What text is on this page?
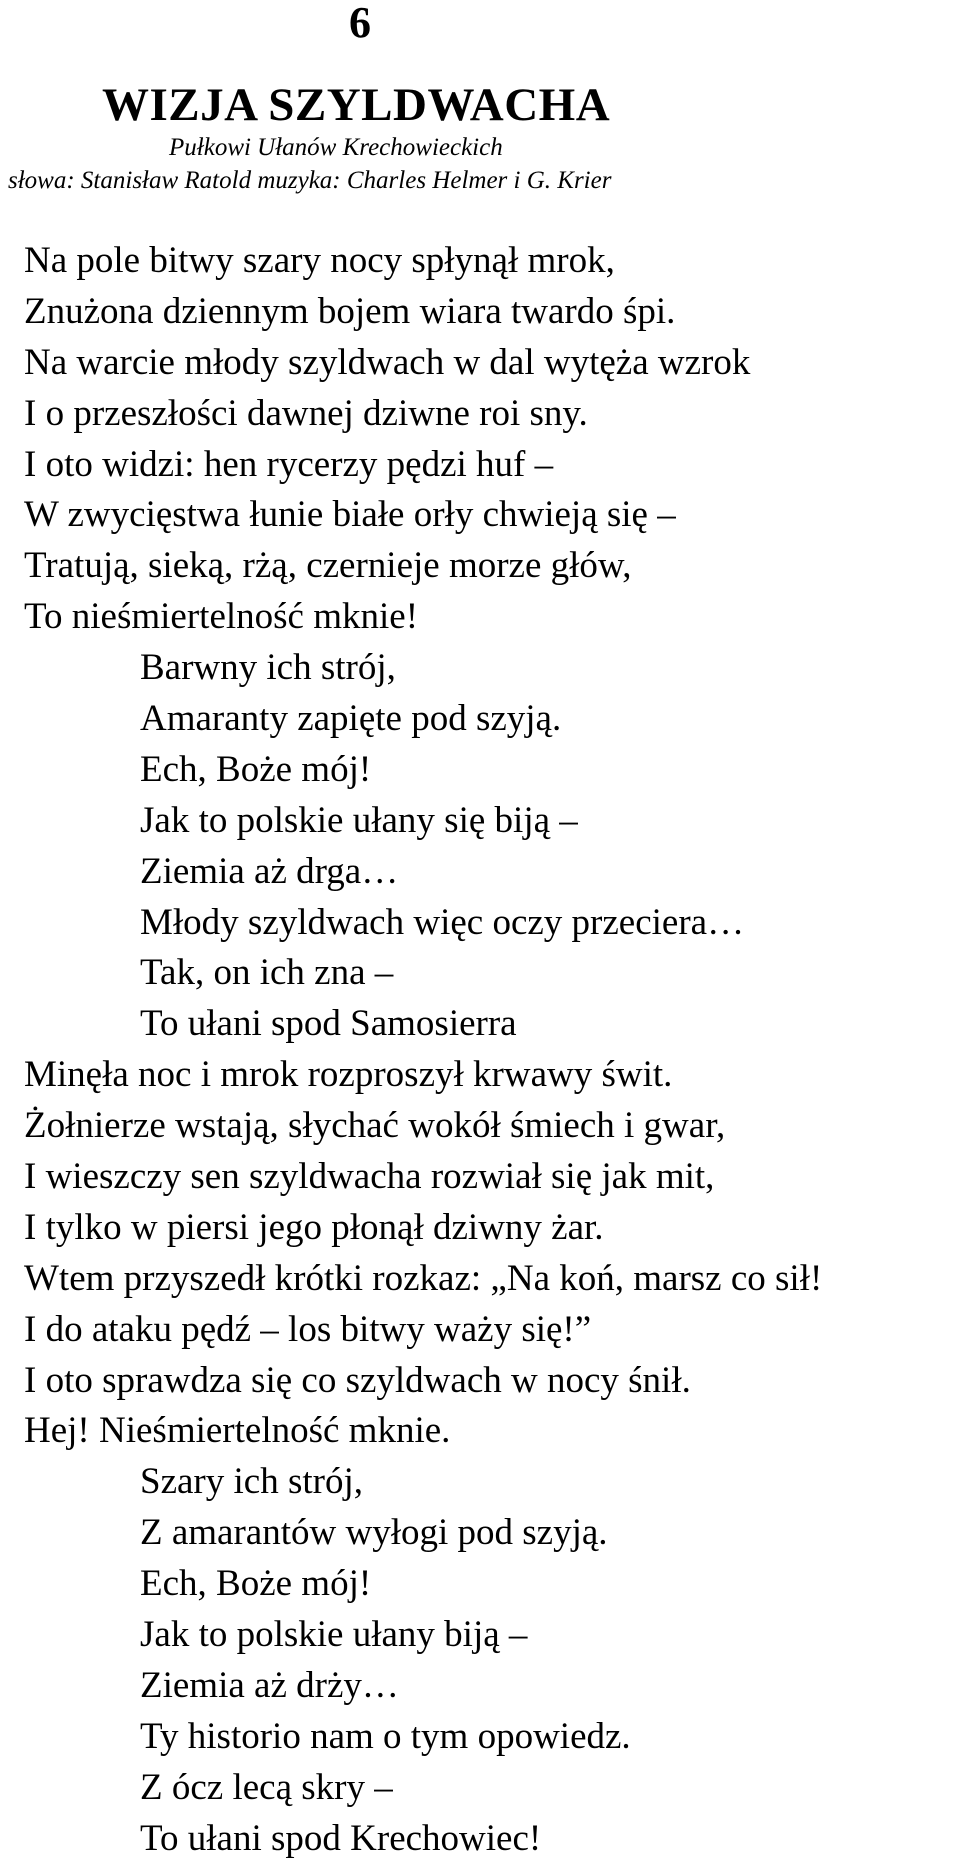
6
WIZJA SZYLDWACHA
Pułkowi Ułanów Krechowieckich
słowa: Stanisław Ratold muzyka: Charles Helmer i G. Krier
Na pole bitwy szary nocy spłynął mrok,
Znużona dziennym bojem wiara twardo śpi.
Na warcie młody szyldwach w dal wytęża wzrok
I o przeszłości dawnej dziwne roi sny.
I oto widzi: hen rycerzy pędzi huf –
W zwycięstwa łunie białe orły chwieją się –
Tratują, sieką, rżą, czernieje morze głów,
To nieśmiertelność mknie!
Barwny ich strój,
Amaranty zapięte pod szyją.
Ech, Boże mój!
Jak to polskie ułany się biją –
Ziemia aż drga…
Młody szyldwach więc oczy przeciera…
Tak, on ich zna –
To ułani spod Samosierra
Minęła noc i mrok rozproszył krwawy świt.
Żołnierze wstają, słychać wokół śmiech i gwar,
I wieszczy sen szyldwacha rozwiał się jak mit,
I tylko w piersi jego płonął dziwny żar.
Wtem przyszedł krótki rozkaz: „Na koń, marsz co sił!
I do ataku pędź – los bitwy waży się!”
I oto sprawdza się co szyldwach w nocy śnił.
Hej! Nieśmiertelność mknie.
Szary ich strój,
Z amarantów wyłogi pod szyją.
Ech, Boże mój!
Jak to polskie ułany biją –
Ziemia aż drży…
Ty historio nam o tym opowiedz.
Z ócz lecą skry –
To ułani spod Krechowiec!
